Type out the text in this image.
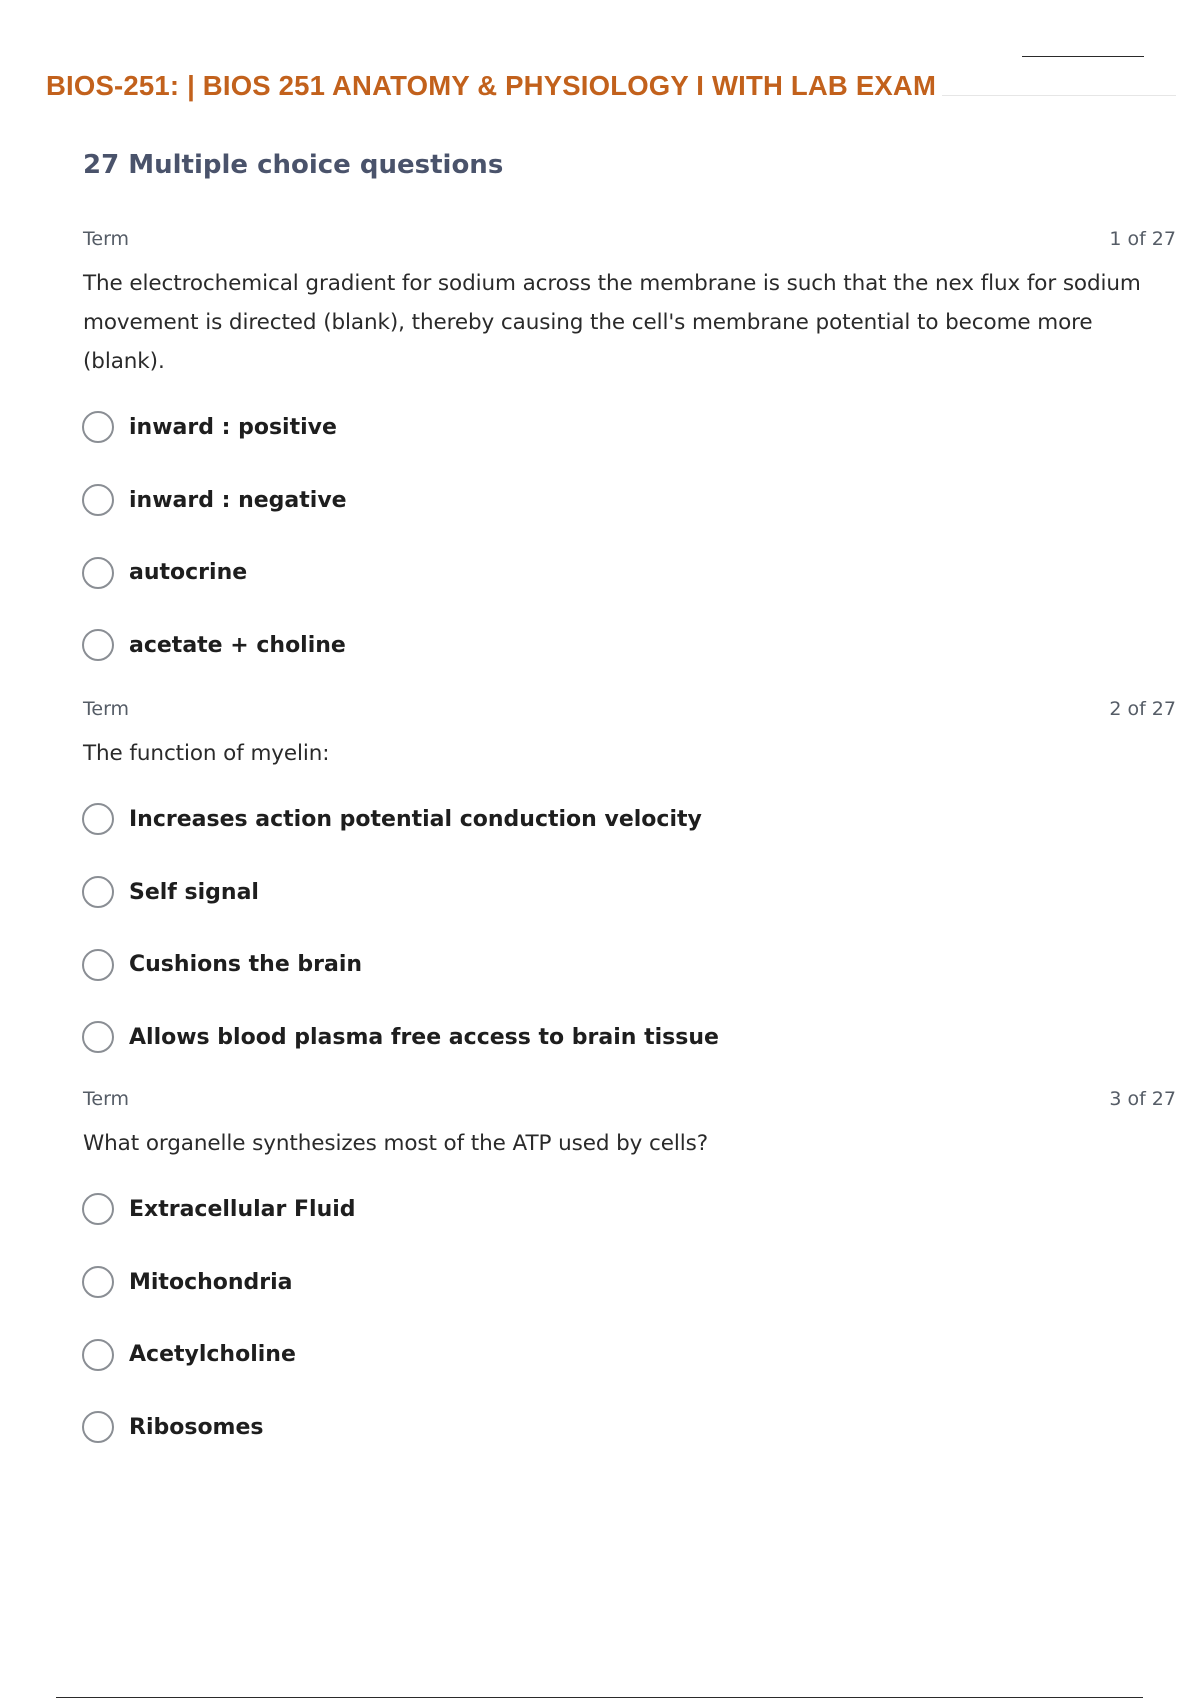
BIOS-251: | BIOS 251 ANATOMY & PHYSIOLOGY I WITH LAB EXAM
27 Multiple choice questions
Term	1 of 27
The electrochemical gradient for sodium across the membrane is such that the nex flux for sodium movement is directed (blank), thereby causing the cell's membrane potential to become more (blank).
inward : positive
inward : negative
autocrine
acetate + choline
Term	2 of 27
The function of myelin:
Increases action potential conduction velocity
Self signal
Cushions the brain
Allows blood plasma free access to brain tissue
Term	3 of 27
What organelle synthesizes most of the ATP used by cells?
Extracellular Fluid
Mitochondria
Acetylcholine
Ribosomes
